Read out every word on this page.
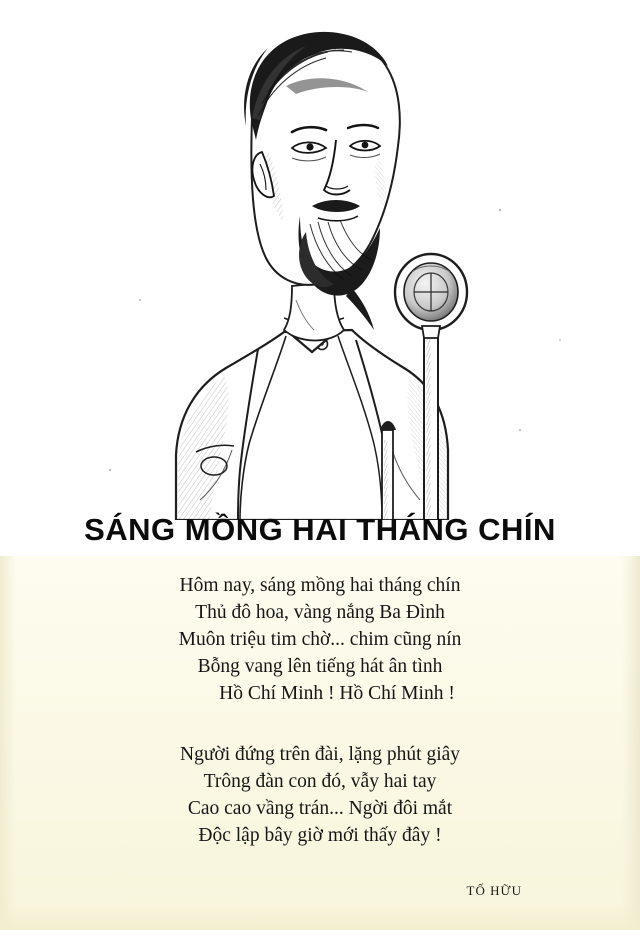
SÁNG MỒNG HAI THÁNG CHÍN
Hôm nay, sáng mồng hai tháng chín
Thủ đô hoa, vàng nắng Ba Đình
Muôn triệu tim chờ... chim cũng nín
Bỗng vang lên tiếng hát ân tình
Hồ Chí Minh ! Hồ Chí Minh !
Người đứng trên đài, lặng phút giây
Trông đàn con đó, vẫy hai tay
Cao cao vầng trán... Ngời đôi mắt
Độc lập bây giờ mới thấy đây !
TỐ HỮU
